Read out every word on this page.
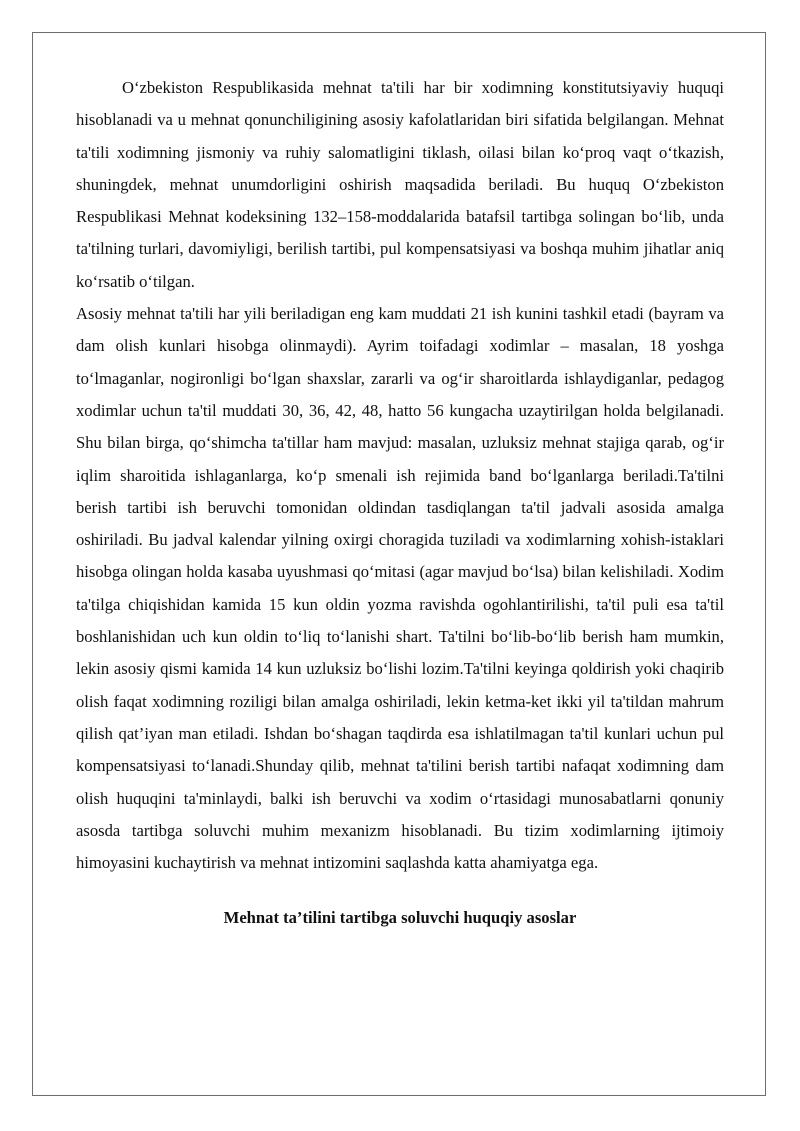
O‘zbekiston Respublikasida mehnat ta'tili har bir xodimning konstitutsiyaviy huquqi hisoblanadi va u mehnat qonunchiligining asosiy kafolatlaridan biri sifatida belgilangan. Mehnat ta'tili xodimning jismoniy va ruhiy salomatligini tiklash, oilasi bilan ko‘proq vaqt o‘tkazish, shuningdek, mehnat unumdorligini oshirish maqsadida beriladi. Bu huquq O‘zbekiston Respublikasi Mehnat kodeksining 132–158-moddalarida batafsil tartibga solingan bo‘lib, unda ta'tilning turlari, davomiyligi, berilish tartibi, pul kompensatsiyasi va boshqa muhim jihatlar aniq ko‘rsatib o‘tilgan.

Asosiy mehnat ta'tili har yili beriladigan eng kam muddati 21 ish kunini tashkil etadi (bayram va dam olish kunlari hisobga olinmaydi). Ayrim toifadagi xodimlar – masalan, 18 yoshga to‘lmaganlar, nogironligi bo‘lgan shaxslar, zararli va og‘ir sharoitlarda ishlaydiganlar, pedagog xodimlar uchun ta'til muddati 30, 36, 42, 48, hatto 56 kungacha uzaytirilgan holda belgilanadi. Shu bilan birga, qo‘shimcha ta'tillar ham mavjud: masalan, uzluksiz mehnat stajiga qarab, og‘ir iqlim sharoitida ishlaganlarga, ko‘p smenali ish rejimida band bo‘lganlarga beriladi.Ta'tilni berish tartibi ish beruvchi tomonidan oldindan tasdiqlangan ta'til jadvali asosida amalga oshiriladi. Bu jadval kalendar yilning oxirgi choragida tuziladi va xodimlarning xohish-istaklari hisobga olingan holda kasaba uyushmasi qo‘mitasi (agar mavjud bo‘lsa) bilan kelishiladi. Xodim ta'tilga chiqishidan kamida 15 kun oldin yozma ravishda ogohlantirilishi, ta'til puli esa ta'til boshlanishidan uch kun oldin to‘liq to‘lanishi shart. Ta'tilni bo‘lib-bo‘lib berish ham mumkin, lekin asosiy qismi kamida 14 kun uzluksiz bo‘lishi lozim.Ta'tilni keyinga qoldirish yoki chaqirib olish faqat xodimning roziligi bilan amalga oshiriladi, lekin ketma-ket ikki yil ta'tildan mahrum qilish qat’iyan man etiladi. Ishdan bo‘shagan taqdirda esa ishlatilmagan ta'til kunlari uchun pul kompensatsiyasi to‘lanadi.Shunday qilib, mehnat ta'tilini berish tartibi nafaqat xodimning dam olish huquqini ta'minlaydi, balki ish beruvchi va xodim o‘rtasidagi munosabatlarni qonuniy asosda tartibga soluvchi muhim mexanizm hisoblanadi. Bu tizim xodimlarning ijtimoiy himoyasini kuchaytirish va mehnat intizomini saqlashda katta ahamiyatga ega.

Mehnat ta’tilini tartibga soluvchi huquqiy asoslar
